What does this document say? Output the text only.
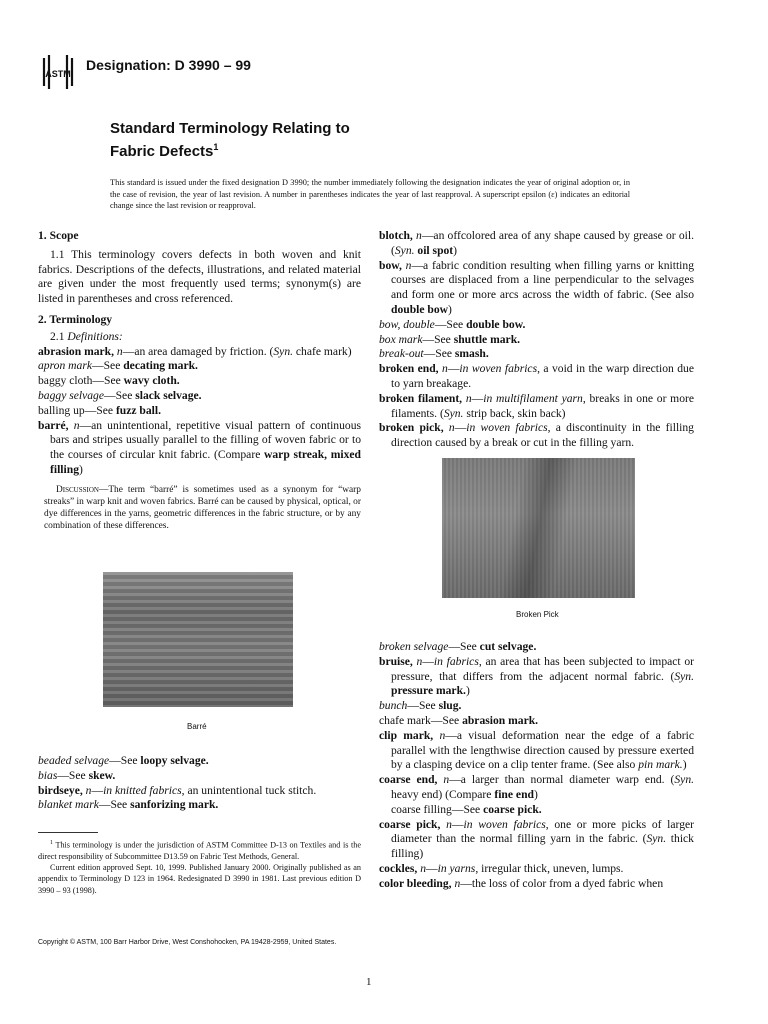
ASTM
Designation: D 3990 – 99
Standard Terminology Relating to
Fabric Defects$^1$
This standard is issued under the fixed designation D 3990; the number immediately following the designation indicates the year of original adoption or, in the case of revision, the year of last revision. A number in parentheses indicates the year of last reapproval. A superscript epsilon (ε) indicates an editorial change since the last revision or reapproval.

1. Scope

1.1 This terminology covers defects in both woven and knit fabrics. Descriptions of the defects, illustrations, and related material are given under the most frequently used terms; synonym(s) are listed in parentheses and cross referenced.

2. Terminology

2.1 Definitions:

abrasion mark, n—an area damaged by friction. (Syn. chafe mark)

apron mark—See decating mark.

baggy cloth—See wavy cloth.

baggy selvage—See slack selvage.

balling up—See fuzz ball.

barré, n—an unintentional, repetitive visual pattern of continuous bars and stripes usually parallel to the filling of woven fabric or to the courses of circular knit fabric. (Compare warp streak, mixed filling)

Discussion—The term “barré” is sometimes used as a synonym for “warp streaks” in warp knit and woven fabrics. Barré can be caused by physical, optical, or dye differences in the yarns, geometric differences in the fabric structure, or by any combination of these differences.

Barré

beaded selvage—See loopy selvage.

bias—See skew.

birdseye, n—in knitted fabrics, an unintentional tuck stitch.

blanket mark—See sanforizing mark.

$^1$ This terminology is under the jurisdiction of ASTM Committee D-13 on Textiles and is the direct responsibility of Subcommittee D13.59 on Fabric Test Methods, General.

Current edition approved Sept. 10, 1999. Published January 2000. Originally published as an appendix to Terminology D 123 in 1964. Redesignated D 3990 in 1981. Last previous edition D 3990 – 93 (1998).

blotch, n—an offcolored area of any shape caused by grease or oil. (Syn. oil spot)

bow, n—a fabric condition resulting when filling yarns or knitting courses are displaced from a line perpendicular to the selvages and form one or more arcs across the width of fabric. (See also double bow)

bow, double—See double bow.

box mark—See shuttle mark.

break-out—See smash.

broken end, n—in woven fabrics, a void in the warp direction due to yarn breakage.

broken filament, n—in multifilament yarn, breaks in one or more filaments. (Syn. strip back, skin back)

broken pick, n—in woven fabrics, a discontinuity in the filling direction caused by a break or cut in the filling yarn.

Broken Pick

broken selvage—See cut selvage.

bruise, n—in fabrics, an area that has been subjected to impact or pressure, that differs from the adjacent normal fabric. (Syn. pressure mark.)

bunch—See slug.

chafe mark—See abrasion mark.

clip mark, n—a visual deformation near the edge of a fabric parallel with the lengthwise direction caused by pressure exerted by a clasping device on a clip tenter frame. (See also pin mark.)

coarse end, n—a larger than normal diameter warp end. (Syn. heavy end) (Compare fine end)

coarse filling—See coarse pick.

coarse pick, n—in woven fabrics, one or more picks of larger diameter than the normal filling yarn in the fabric. (Syn. thick filling)

cockles, n—in yarns, irregular thick, uneven, lumps.

color bleeding, n—the loss of color from a dyed fabric when

Copyright © ASTM, 100 Barr Harbor Drive, West Conshohocken, PA 19428-2959, United States.
1
